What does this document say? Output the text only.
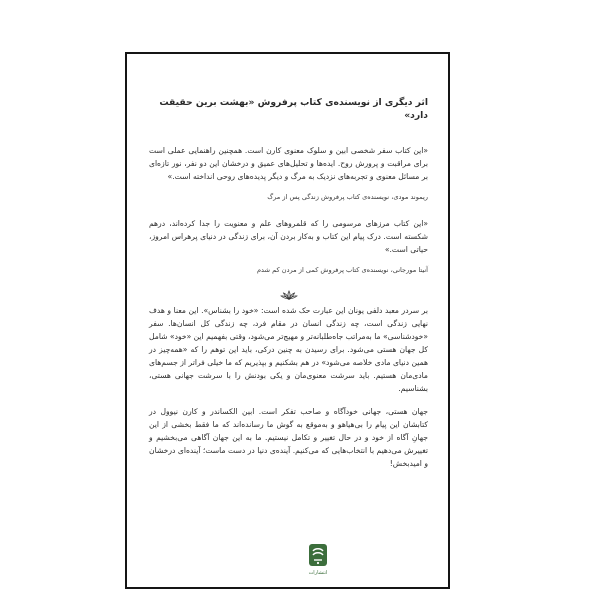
اثر دیگری از نویسنده‌ی کتاب پرفروش «بهشت برین حقیقت دارد»

«این کتاب سفر شخصی ابین و سلوک معنوی کارن است. همچنین راهنمایی عملی است برای مراقبت و پرورش روح. ایده‌ها و تحلیل‌های عمیق و درخشان این دو نفر، نور تازه‌ای بر مسائل معنوی و تجربه‌های نزدیک به مرگ و دیگر پدیده‌های روحی انداخته است.»

ریموند مودی، نویسنده‌ی کتاب پرفروش زندگی پس از مرگ

«این کتاب مرزهای مرسومی را که قلمروهای علم و معنویت را جدا کرده‌اند، درهم شکسته است. درک پیام این کتاب و به‌کار بردن آن، برای زندگی در دنیای پرهراس امروز، حیاتی است.»

آنیتا مورجانی، نویسنده‌ی کتاب پرفروش کمی از مردن کم شدم

بر سردر معبد دلفی یونان این عبارت حک شده است: «خود را بشناس». این معنا و هدف نهایی زندگی است، چه زندگی انسان در مقام فرد، چه زندگی کل انسان‌ها. سفر «خودشناسی» ما به‌مراتب جاه‌طلبانه‌تر و مهیج‌تر می‌شود، وقتی بفهمیم این «خود» شامل کل جهان هستی می‌شود. برای رسیدن به چنین درکی، باید این توهم را که «همه‌چیز در همین دنیای مادی خلاصه می‌شود» در هم بشکنیم و بپذیریم که ما خیلی فراتر از جسم‌های مادی‌مان هستیم. باید سرشت معنوی‌مان و یکی بودنش را با سرشت جهانی هستی، بشناسیم.

جهان هستی، جهانی خودآگاه و صاحب تفکر است. ابین الکساندر و کارن نیوول در کتابشان این پیام را بی‌هیاهو و به‌موقع به گوش ما رسانده‌اند که ما فقط بخشی از این جهانِ آگاه از خود و در حال تغییر و تکامل نیستیم. ما به این جهان آگاهی می‌بخشیم و تغییرش می‌دهیم با انتخاب‌هایی که می‌کنیم. آینده‌ی دنیا در دست ماست؛ آینده‌ای درخشان و امیدبخش!

انتشارات
